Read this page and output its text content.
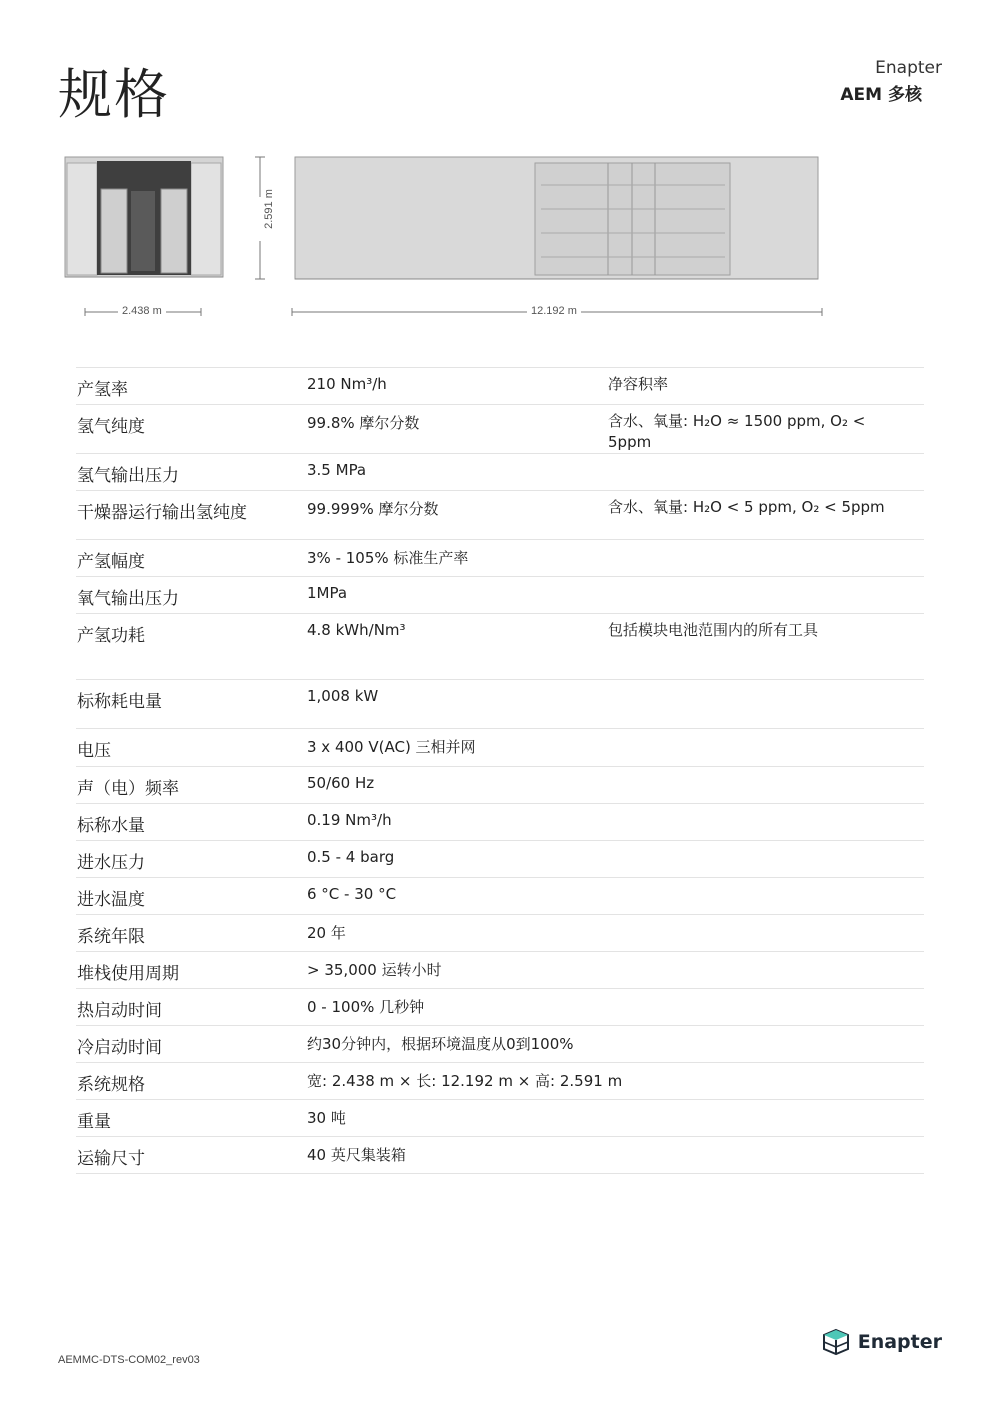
规格	Enapter
AEM 多核
2.438 m	12.192 m
2.591 m
产氢率	210 Nm³/h	净容积率
氢气纯度	99.8% 摩尔分数	含水、氧量: H₂O ≈ 1500 ppm, O₂ < 5ppm
氢气输出压力	3.5 MPa
干燥器运行输出氢纯度	99.999% 摩尔分数	含水、氧量: H₂O < 5 ppm, O₂ < 5ppm
产氢幅度	3% - 105% 标准生产率
氧气输出压力	1MPa
产氢功耗	4.8 kWh/Nm³	包括模块电池范围内的所有工具
标称耗电量	1,008 kW
电压	3 x 400 V(AC) 三相并网
声（电）频率	50/60 Hz
标称水量	0.19 Nm³/h
进水压力	0.5 - 4 barg
进水温度	6 °C - 30 °C
系统年限	20 年
堆栈使用周期	> 35,000 运转小时
热启动时间	0 - 100% 几秒钟
冷启动时间	约30分钟内，根据环境温度从0到100%
系统规格	宽: 2.438 m × 长: 12.192 m × 高: 2.591 m
重量	30 吨
运输尺寸	40 英尺集装箱
AEMMC-DTS-COM02_rev03
Enapter
